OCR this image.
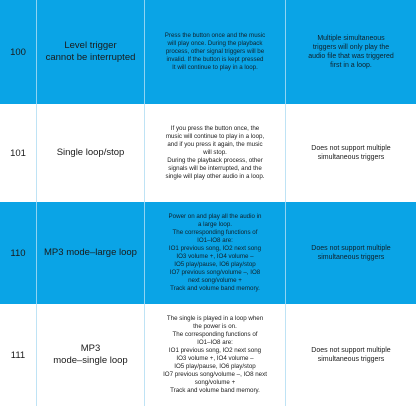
100
Level trigger
cannot be interrupted
Press the button once and the music
will play once. During the playback
process, other signal triggers will be
invalid. If the button is kept pressed
It will continue to play in a loop.
Multiple simultaneous
triggers will only play the
audio file that was triggered
first in a loop.
101	Single loop/stop
If you press the button once, the
music will continue to play in a loop,
and if you press it again, the music
will stop.
During the playback process, other
signals will be interrupted, and the
single will play other audio in a loop.
Does not support multiple
simultaneous triggers
110	MP3 mode–large loop
Power on and play all the audio in
a large loop.
The corresponding functions of
IO1–IO8 are:
IO1 previous song, IO2 next song
IO3 volume +, IO4 volume –
IO5 play/pause, IO6 play/stop
IO7 previous song/volume –, IO8
next song/volume +
Track and volume band memory.
Does not support multiple
simultaneous triggers
111
MP3
mode–single loop
The single is played in a loop when
the power is on.
The corresponding functions of
IO1–IO8 are:
IO1 previous song, IO2 next song
IO3 volume +, IO4 volume –
IO5 play/pause, IO6 play/stop
IO7 previous song/volume –, IO8 next
song/volume +
Track and volume band memory.
Does not support multiple
simultaneous triggers
